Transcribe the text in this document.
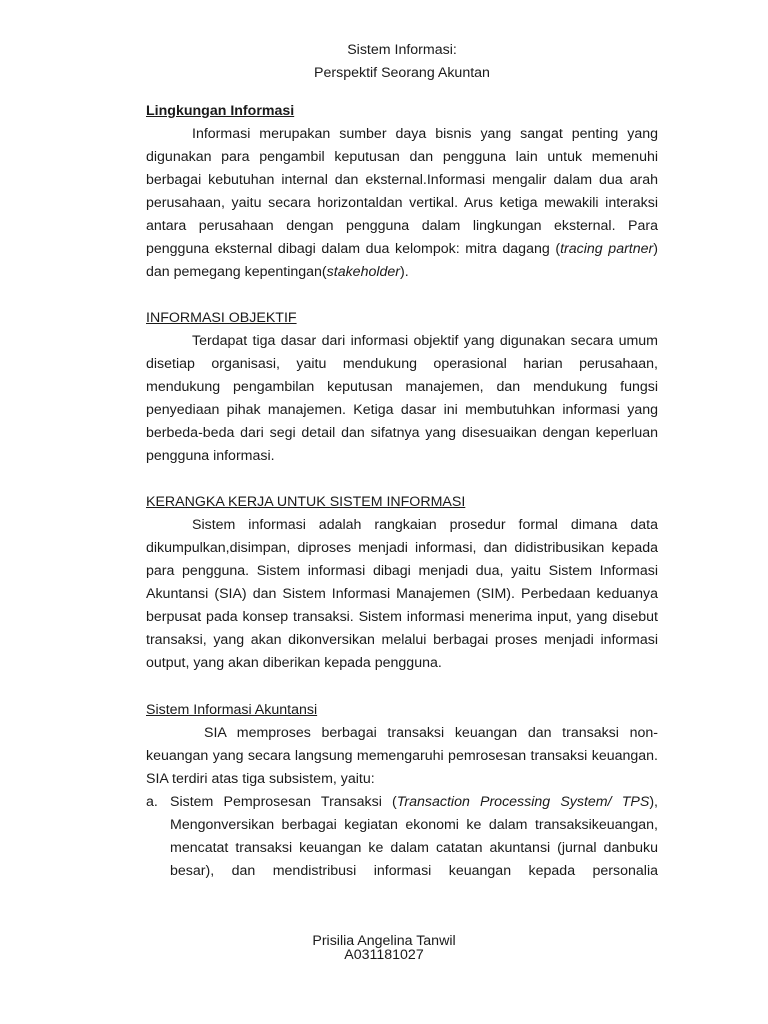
Sistem Informasi:
Perspektif Seorang Akuntan

Lingkungan Informasi

Informasi merupakan sumber daya bisnis yang sangat penting yang
digunakan para pengambil keputusan dan pengguna lain untuk memenuhi
berbagai kebutuhan internal dan eksternal.Informasi mengalir dalam dua arah
perusahaan, yaitu secara horizontaldan vertikal. Arus ketiga mewakili interaksi
antara perusahaan dengan pengguna dalam lingkungan eksternal. Para
pengguna eksternal dibagi dalam dua kelompok: mitra dagang (tracing partner)
dan pemegang kepentingan(stakeholder).

INFORMASI OBJEKTIF

Terdapat tiga dasar dari informasi objektif yang digunakan secara umum
disetiap organisasi, yaitu mendukung operasional harian perusahaan,
mendukung pengambilan keputusan manajemen, dan mendukung fungsi
penyediaan pihak manajemen. Ketiga dasar ini membutuhkan informasi yang
berbeda-beda dari segi detail dan sifatnya yang disesuaikan dengan keperluan
pengguna informasi.

KERANGKA KERJA UNTUK SISTEM INFORMASI

Sistem informasi adalah rangkaian prosedur formal dimana data
dikumpulkan,disimpan, diproses menjadi informasi, dan didistribusikan kepada
para pengguna. Sistem informasi dibagi menjadi dua, yaitu Sistem Informasi
Akuntansi (SIA) dan Sistem Informasi Manajemen (SIM). Perbedaan keduanya
berpusat pada konsep transaksi. Sistem informasi menerima input, yang disebut
transaksi, yang akan dikonversikan melalui berbagai proses menjadi informasi
output, yang akan diberikan kepada pengguna.

Sistem Informasi Akuntansi

SIA memproses berbagai transaksi keuangan dan transaksi non-
keuangan yang secara langsung memengaruhi pemrosesan transaksi keuangan.
SIA terdiri atas tiga subsistem, yaitu:
a. Sistem Pemprosesan Transaksi (Transaction Processing System/ TPS),
Mengonversikan berbagai kegiatan ekonomi ke dalam transaksikeuangan,
mencatat transaksi keuangan ke dalam catatan akuntansi (jurnal danbuku
besar), dan mendistribusi informasi keuangan kepada personalia
Prisilia Angelina Tanwil
A031181027
